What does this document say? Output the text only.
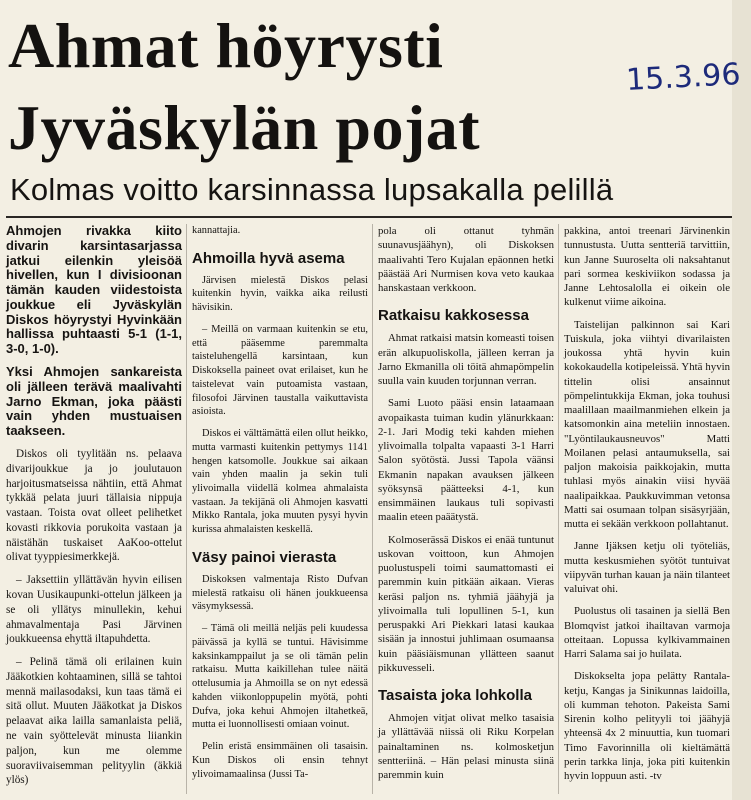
Ahmat höyrysti
Jyväskylän pojat
15.3.96
Kolmas voitto karsinnassa lupsakalla pelillä

Ahmojen rivakka kiito divarin karsintasarjassa jatkui eilenkin yleisöä hivellen, kun I divisioonan tämän kauden viidestoista joukkue eli Jyväskylän Diskos höyrystyi Hyvinkään hallissa puhtaasti 5-1 (1-1, 3-0, 1-0).

Yksi Ahmojen sankareista oli jälleen terävä maalivahti Jarno Ekman, joka päästi vain yhden mustuaisen taakseen.

Diskos oli tyylitään ns. pelaava divarijoukkue ja jo joulutauon harjoitusmatseissa nähtiin, että Ahmat tykkää pelata juuri tällaisia nippuja vastaan. Toista ovat olleet pelihetket kovasti rikkovia porukoita vastaan ja näistähän tuskaiset AaKoo-ottelut olivat tyyppiesimerkkejä.

– Jaksettiin yllättävän hyvin eilisen kovan Uusikaupunki-ottelun jälkeen ja se oli yllätys minullekin, kehui ahmavalmentaja Pasi Järvinen joukkueensa ehyttä iltapuhdetta.

– Pelinä tämä oli erilainen kuin Jääkotkien kohtaaminen, sillä se tahtoi mennä mailasodaksi, kun taas tämä ei sitä ollut. Muuten Jääkotkat ja Diskos pelaavat aika lailla samanlaista peliä, ne vain syöttelevät minusta liiankin paljon, kun me olemme suoraviivaisemman pelityylin (äkkiä ylös)

kannattajia.

Ahmoilla hyvä asema

Järvisen mielestä Diskos pelasi kuitenkin hyvin, vaikka aika reilusti hävisikin.

– Meillä on varmaan kuitenkin se etu, että pääsemme paremmalta taisteluhengellä karsintaan, kun Diskoksella paineet ovat erilaiset, kun he taistelevat vain putoamista vastaan, filosofoi Järvinen taustalla vaikuttavista asioista.

Diskos ei välttämättä eilen ollut heikko, mutta varmasti kuitenkin pettymys 1141 hengen katsomolle. Joukkue sai aikaan vain yhden maalin ja sekin tuli ylivoimalla viidellä kolmea ahmalaista vastaan. Ja tekijänä oli Ahmojen kasvatti Mikko Rantala, joka muuten pysyi hyvin kurissa ahmalaisten keskellä.

Väsy painoi vierasta

Diskoksen valmentaja Risto Dufvan mielestä ratkaisu oli hänen joukkueensa väsymyksessä.

– Tämä oli meillä neljäs peli kuudessa päivässä ja kyllä se tuntui. Hävisimme kaksinkamppailut ja se oli tämän pelin ratkaisu. Mutta kaikillehan tulee näitä ottelusumia ja Ahmoilla se on nyt edessä kahden viikonloppupelin myötä, pohti Dufva, joka kehui Ahmojen iltahetkeä, mutta ei luonnollisesti omiaan voinut.

Pelin eristä ensimmäinen oli tasaisin. Kun Diskos oli ensin tehnyt ylivoimamaalinsa (Jussi Ta-

pola oli ottanut tyhmän suunavusjäähyn), oli Diskoksen maalivahti Tero Kujalan epäonnen hetki päästää Ari Nurmisen kova veto kaukaa hanskastaan verkkoon.

Ratkaisu kakkosessa

Ahmat ratkaisi matsin komeasti toisen erän alkupuoliskolla, jälleen kerran ja Jarno Ekmanilla oli töitä ahmapömpelin suulla vain kuuden torjunnan verran.

Sami Luoto pääsi ensin lataamaan avopaikasta tuiman kudin ylänurkkaan: 2-1. Jari Modig teki kahden miehen ylivoimalla tolpalta vapaasti 3-1 Harri Salon syötöstä. Jussi Tapola väänsi Ekmanin napakan avauksen jälkeen syöksynsä päätteeksi 4-1, kun ensimmäinen laukaus tuli sopivasti maalin eteen paäätystä.

Kolmoserässä Diskos ei enää tuntunut uskovan voittoon, kun Ahmojen puolustuspeli toimi saumattomasti ei paremmin kuin pitkään aikaan. Vieras keräsi paljon ns. tyhmiä jäähyjä ja ylivoimalla tuli lopullinen 5-1, kun peruspakki Ari Piekkari latasi kaukaa sisään ja innostui juhlimaan osumaansa kuin pääsiäismunan yllätteen saanut pikkuvesseli.

Tasaista joka lohkolla

Ahmojen vitjat olivat melko tasaisia ja yllättävää niissä oli Riku Korpelan painaltaminen ns. kolmosketjun sentteriinä. – Hän pelasi minusta siinä paremmin kuin

pakkina, antoi treenari Järvinenkin tunnustusta. Uutta sentteriä tarvittiin, kun Janne Suuroselta oli naksahtanut pari sormea keskiviikon sodassa ja Janne Lehtosalolla ei oikein ole kulkenut viime aikoina.

Taistelijan palkinnon sai Kari Tuiskula, joka viihtyi divarilaisten joukossa yhtä hyvin kuin kokokaudella kotipeleissä. Yhtä hyvin tittelin olisi ansainnut pömpelintukkija Ekman, joka touhusi maalillaan maailmanmiehen elkein ja katsomonkin aina meteliin innostaen. "Lyöntilaukausneuvos" Matti Moilanen pelasi antaumuksella, sai paljon makoisia paikkojakin, mutta tuhlasi myös ainakin viisi hyvää naalipaikkaa. Paukkuvimman vetonsa Matti sai osumaan tolpan sisäsyrjään, mutta ei sekään verkkoon pollahtanut.

Janne Ijäksen ketju oli työteliäs, mutta keskusmiehen syötöt tuntuivat viipyvän turhan kauan ja näin tilanteet valuivat ohi.

Puolustus oli tasainen ja siellä Ben Blomqvist jatkoi ihailtavan varmoja otteitaan. Lopussa kylkivammainen Harri Salama sai jo huilata.

Diskokselta jopa pelätty Rantala-ketju, Kangas ja Sinikunnas laidoilla, oli kumman tehoton. Pakeista Sami Sirenin kolho pelityyli toi jäähyjä yhteensä 4x 2 minuuttia, kun tuomari Timo Favorinnilla oli kieltämättä perin tarkka linja, joka piti kuitenkin hyvin loppuun asti. -tv
